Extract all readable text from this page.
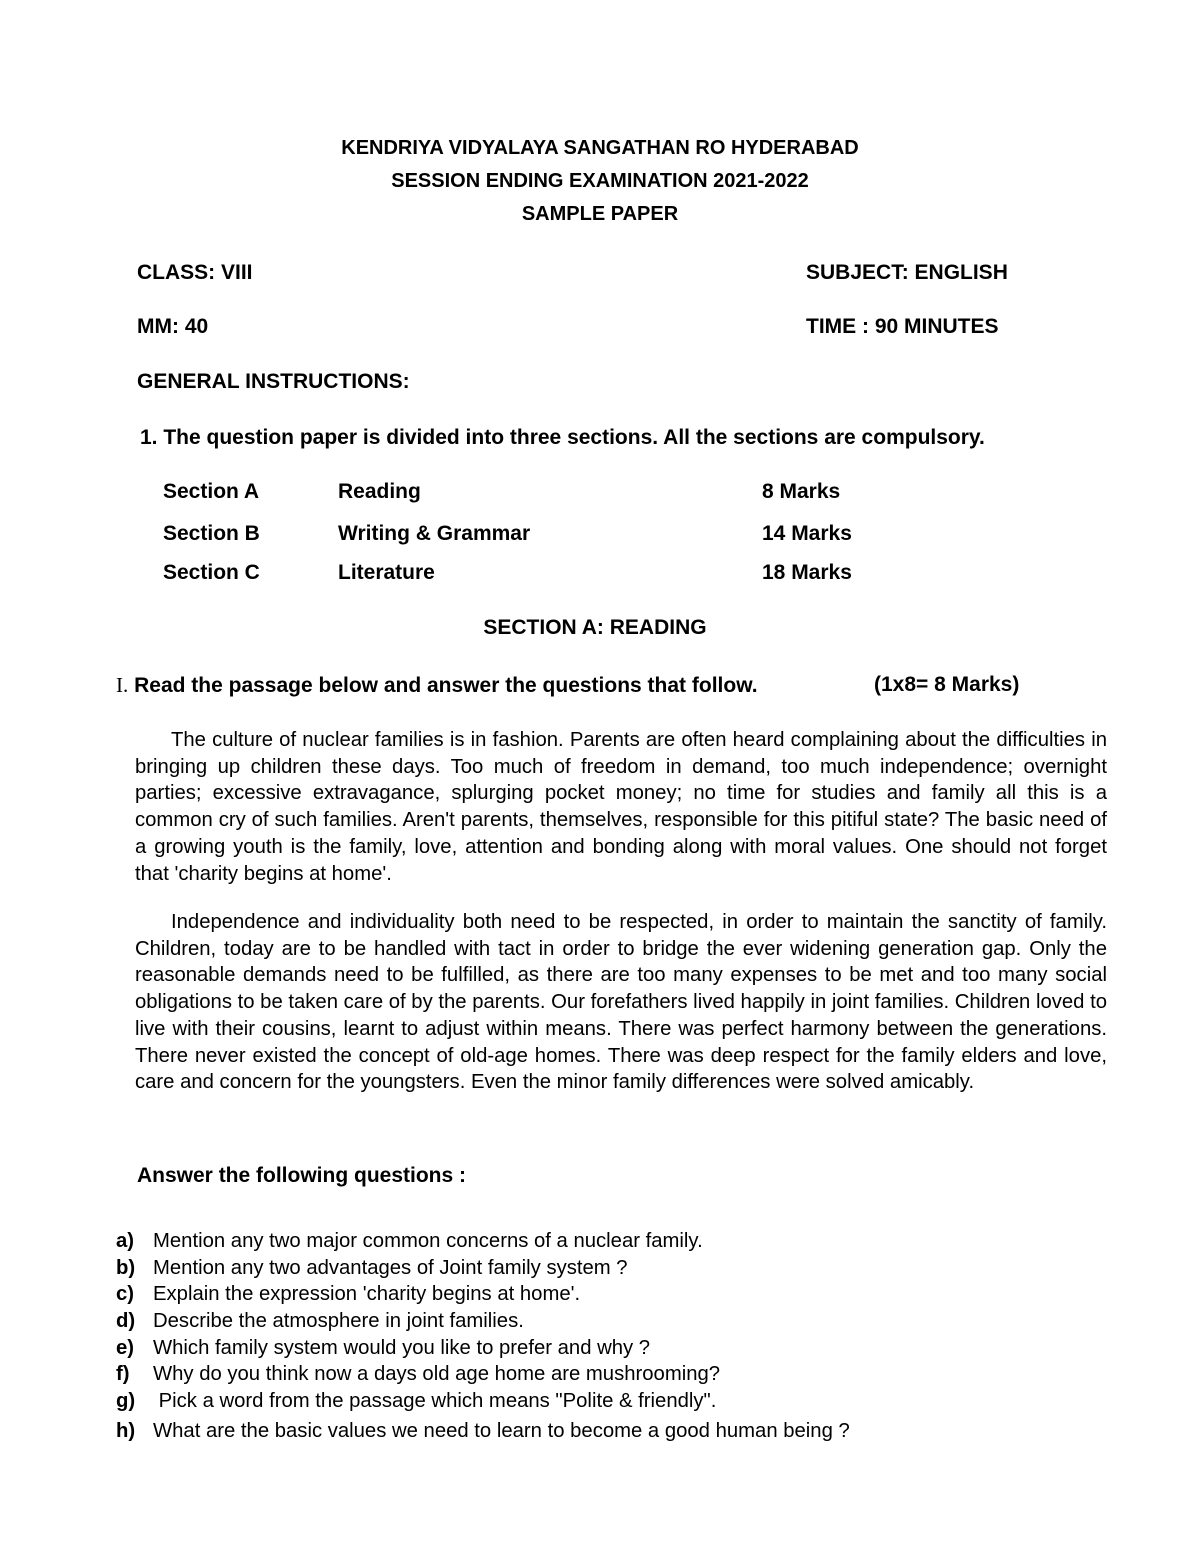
KENDRIYA VIDYALAYA SANGATHAN RO HYDERABAD
SESSION ENDING EXAMINATION 2021-2022
SAMPLE PAPER
CLASS: VIII	SUBJECT: ENGLISH
MM: 40	TIME : 90 MINUTES
GENERAL INSTRUCTIONS:
1. The question paper is divided into three sections. All the sections are compulsory.
Section A	Reading	8 Marks
Section B	Writing & Grammar	14 Marks
Section C	Literature	18 Marks
SECTION A: READING
I. Read the passage below and answer the questions that follow.	(1x8= 8 Marks)

The culture of nuclear families is in fashion. Parents are often heard complaining about the difficulties in bringing up children these days. Too much of freedom in demand, too much independence; overnight parties; excessive extravagance, splurging pocket money; no time for studies and family all this is a common cry of such families. Aren't parents, themselves, responsible for this pitiful state? The basic need of a growing youth is the family, love, attention and bonding along with moral values. One should not forget that 'charity begins at home'.

Independence and individuality both need to be respected, in order to maintain the sanctity of family. Children, today are to be handled with tact in order to bridge the ever widening generation gap. Only the reasonable demands need to be fulfilled, as there are too many expenses to be met and too many social obligations to be taken care of by the parents. Our forefathers lived happily in joint families. Children loved to live with their cousins, learnt to adjust within means. There was perfect harmony between the generations. There never existed the concept of old-age homes. There was deep respect for the family elders and love, care and concern for the youngsters. Even the minor family differences were solved amicably.

Answer the following questions :
a) Mention any two major common concerns of a nuclear family.
b) Mention any two advantages of Joint family system ?
c) Explain the expression 'charity begins at home'.
d) Describe the atmosphere in joint families.
e) Which family system would you like to prefer and why ?
f) Why do you think now a days old age home are mushrooming?
g) Pick a word from the passage which means "Polite & friendly".
h) What are the basic values we need to learn to become a good human being ?
